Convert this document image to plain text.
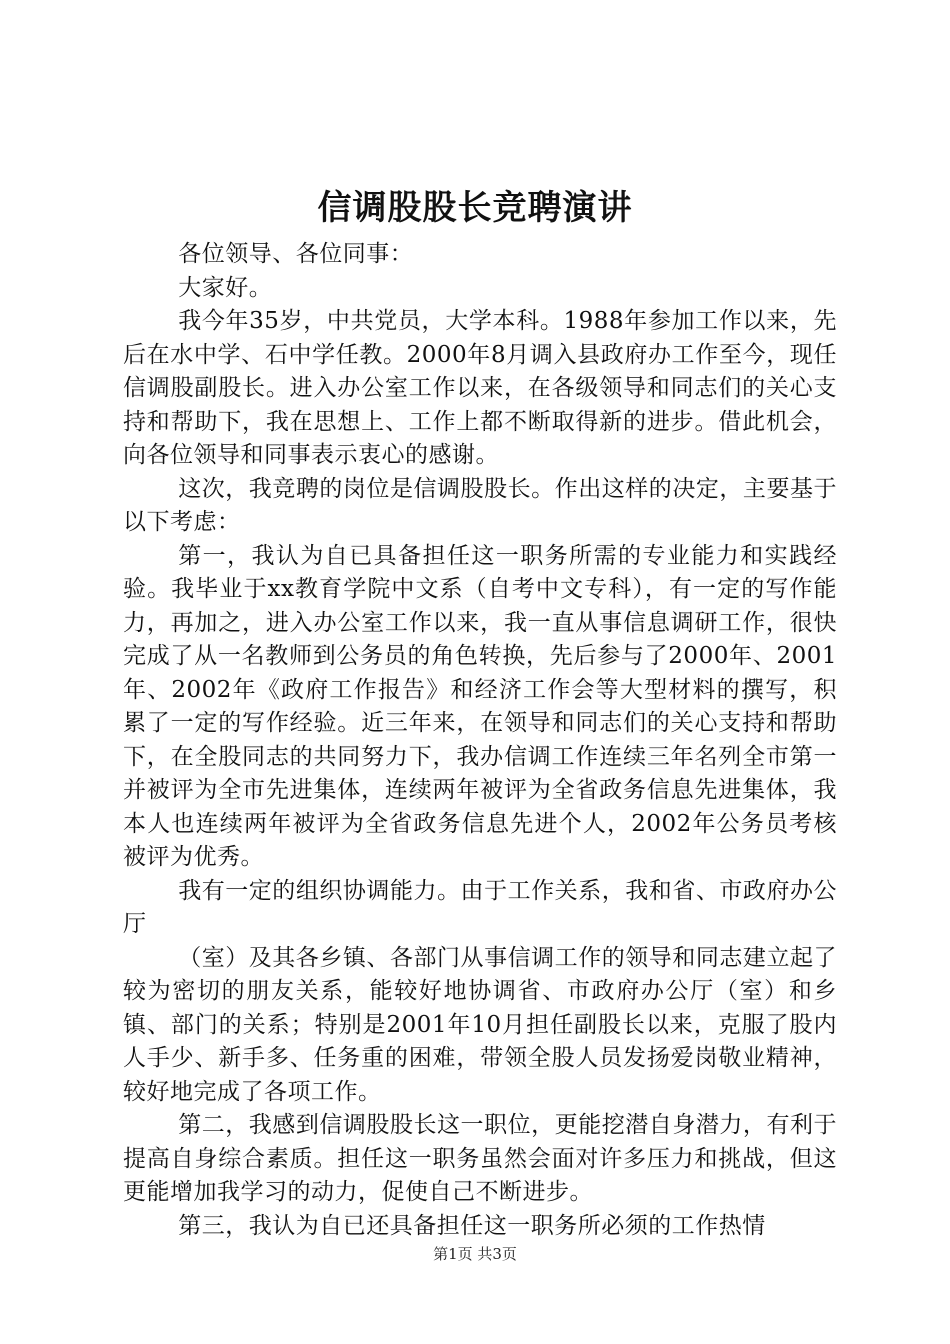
信调股股长竞聘演讲

各位领导、各位同事：

大家好。

我今年35岁，中共党员，大学本科。1988年参加工作以来，先后在水中学、石中学任教。2000年8月调入县政府办工作至今，现任信调股副股长。进入办公室工作以来，在各级领导和同志们的关心支持和帮助下，我在思想上、工作上都不断取得新的进步。借此机会，向各位领导和同事表示衷心的感谢。

这次，我竞聘的岗位是信调股股长。作出这样的决定，主要基于以下考虑：

第一，我认为自已具备担任这一职务所需的专业能力和实践经验。我毕业于xx教育学院中文系（自考中文专科），有一定的写作能力，再加之，进入办公室工作以来，我一直从事信息调研工作，很快完成了从一名教师到公务员的角色转换，先后参与了2000年、2001年、2002年《政府工作报告》和经济工作会等大型材料的撰写，积累了一定的写作经验。近三年来，在领导和同志们的关心支持和帮助下，在全股同志的共同努力下，我办信调工作连续三年名列全市第一并被评为全市先进集体，连续两年被评为全省政务信息先进集体，我本人也连续两年被评为全省政务信息先进个人，2002年公务员考核被评为优秀。

我有一定的组织协调能力。由于工作关系，我和省、市政府办公厅

（室）及其各乡镇、各部门从事信调工作的领导和同志建立起了较为密切的朋友关系，能较好地协调省、市政府办公厅（室）和乡镇、部门的关系；特别是2001年10月担任副股长以来，克服了股内人手少、新手多、任务重的困难，带领全股人员发扬爱岗敬业精神，较好地完成了各项工作。

第二，我感到信调股股长这一职位，更能挖潜自身潜力，有利于提高自身综合素质。担任这一职务虽然会面对许多压力和挑战，但这更能增加我学习的动力，促使自己不断进步。

第三，我认为自已还具备担任这一职务所必须的工作热情

第1页 共3页
